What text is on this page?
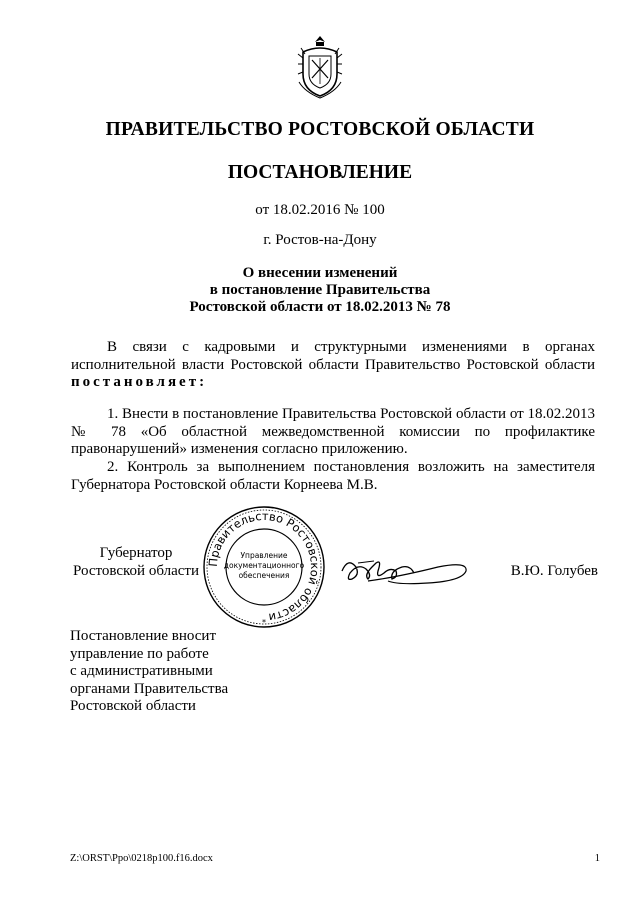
ПРАВИТЕЛЬСТВО РОСТОВСКОЙ ОБЛАСТИ
ПОСТАНОВЛЕНИЕ
от 18.02.2016 № 100
г. Ростов-на-Дону
О внесении изменений
в постановление Правительства
Ростовской области от 18.02.2013 № 78
В связи с кадровыми и структурными изменениями в органах исполнительной власти Ростовской области Правительство Ростовской области постановляет:
1. Внести в постановление Правительства Ростовской области от 18.02.2013 № 78 «Об областной межведомственной комиссии по профилактике правонарушений» изменения согласно приложению.
2. Контроль за выполнением постановления возложить на заместителя Губернатора Ростовской области Корнеева М.В.
Губернатор
Ростовской области
Правительство Ростовской области
Управление
документационного
обеспечения
*
В.Ю. Голубев
Постановление вносит
управление по работе
с административными
органами Правительства
Ростовской области
Z:\ORST\Ppo\0218p100.f16.docx	1
